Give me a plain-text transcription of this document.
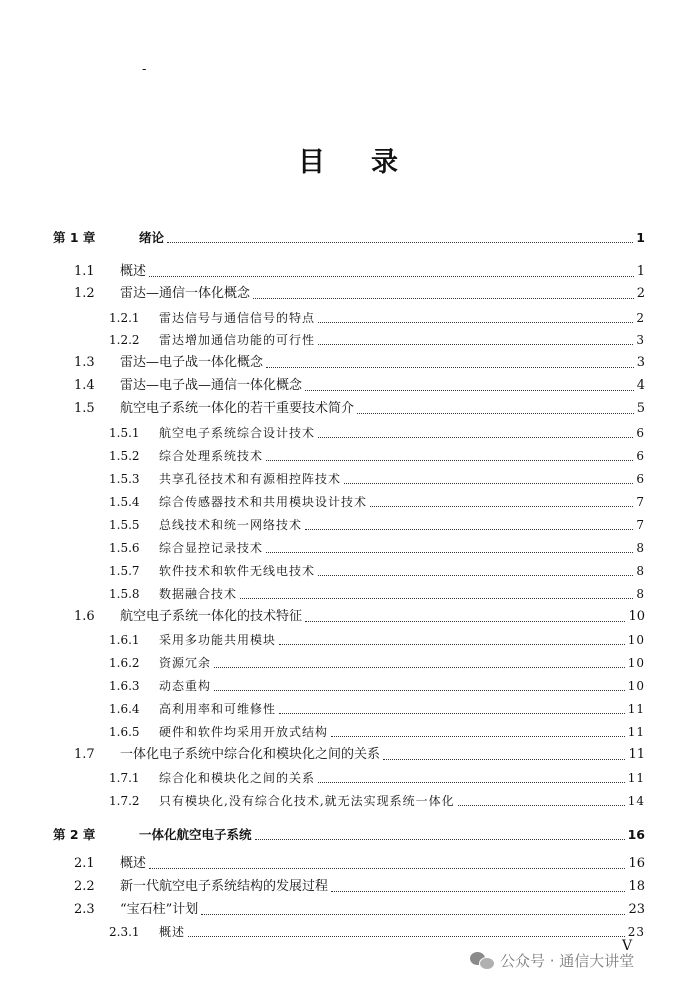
-
目 录
第 1 章	绪论	1
1.1	概述	1
1.2	雷达—通信一体化概念	2
1.2.1	雷达信号与通信信号的特点	2
1.2.2	雷达增加通信功能的可行性	3
1.3	雷达—电子战一体化概念	3
1.4	雷达—电子战—通信一体化概念	4
1.5	航空电子系统一体化的若干重要技术简介	5
1.5.1	航空电子系统综合设计技术	6
1.5.2	综合处理系统技术	6
1.5.3	共享孔径技术和有源相控阵技术	6
1.5.4	综合传感器技术和共用模块设计技术	7
1.5.5	总线技术和统一网络技术	7
1.5.6	综合显控记录技术	8
1.5.7	软件技术和软件无线电技术	8
1.5.8	数据融合技术	8
1.6	航空电子系统一体化的技术特征	10
1.6.1	采用多功能共用模块	10
1.6.2	资源冗余	10
1.6.3	动态重构	10
1.6.4	高利用率和可维修性	11
1.6.5	硬件和软件均采用开放式结构	11
1.7	一体化电子系统中综合化和模块化之间的关系	11
1.7.1	综合化和模块化之间的关系	11
1.7.2	只有模块化,没有综合化技术,就无法实现系统一体化	14
第 2 章	一体化航空电子系统	16
2.1	概述	16
2.2	新一代航空电子系统结构的发展过程	18
2.3	“宝石柱”计划	23
2.3.1	概述	23
V
公众号 · 通信大讲堂
